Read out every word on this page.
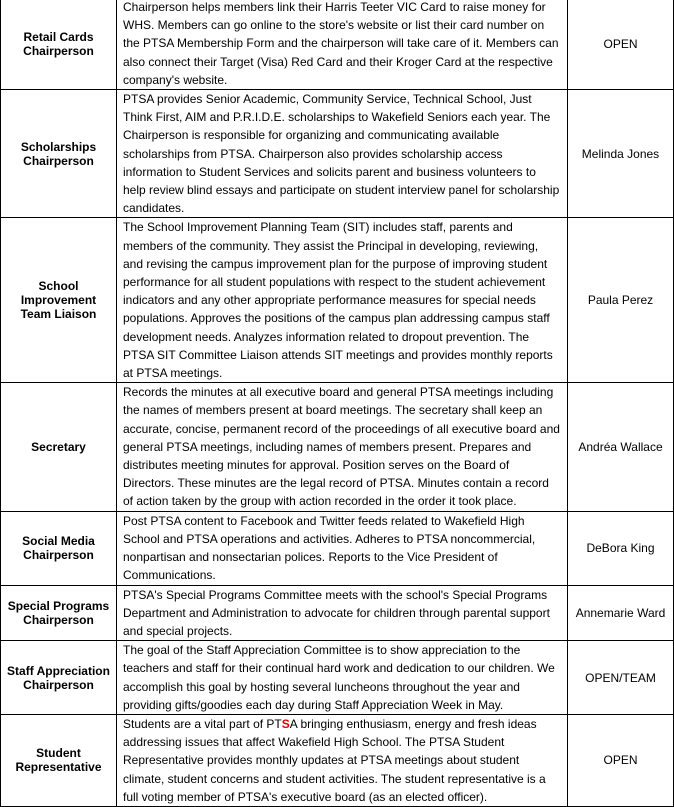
Retail Cards Chairperson	Chairperson helps members link their Harris Teeter VIC Card to raise money for WHS. Members can go online to the store's website or list their card number on the PTSA Membership Form and the chairperson will take care of it. Members can also connect their Target (Visa) Red Card and their Kroger Card at the respective company's website.	OPEN
Scholarships Chairperson	PTSA provides Senior Academic, Community Service, Technical School, Just Think First, AIM and P.R.I.D.E. scholarships to Wakefield Seniors each year. The Chairperson is responsible for organizing and communicating available scholarships from PTSA. Chairperson also provides scholarship access information to Student Services and solicits parent and business volunteers to help review blind essays and participate on student interview panel for scholarship candidates.	Melinda Jones
School Improvement Team Liaison	The School Improvement Planning Team (SIT) includes staff, parents and members of the community. They assist the Principal in developing, reviewing, and revising the campus improvement plan for the purpose of improving student performance for all student populations with respect to the student achievement indicators and any other appropriate performance measures for special needs populations. Approves the positions of the campus plan addressing campus staff development needs. Analyzes information related to dropout prevention. The PTSA SIT Committee Liaison attends SIT meetings and provides monthly reports at PTSA meetings.	Paula Perez
Secretary	Records the minutes at all executive board and general PTSA meetings including the names of members present at board meetings. The secretary shall keep an accurate, concise, permanent record of the proceedings of all executive board and general PTSA meetings, including names of members present. Prepares and distributes meeting minutes for approval. Position serves on the Board of Directors. These minutes are the legal record of PTSA. Minutes contain a record of action taken by the group with action recorded in the order it took place.	Andréa Wallace
Social Media Chairperson	Post PTSA content to Facebook and Twitter feeds related to Wakefield High School and PTSA operations and activities. Adheres to PTSA noncommercial, nonpartisan and nonsectarian polices. Reports to the Vice President of Communications.	DeBora King
Special Programs Chairperson	PTSA's Special Programs Committee meets with the school's Special Programs Department and Administration to advocate for children through parental support and special projects.	Annemarie Ward
Staff Appreciation Chairperson	The goal of the Staff Appreciation Committee is to show appreciation to the teachers and staff for their continual hard work and dedication to our children. We accomplish this goal by hosting several luncheons throughout the year and providing gifts/goodies each day during Staff Appreciation Week in May.	OPEN/TEAM
Student Representative	Students are a vital part of PTSA bringing enthusiasm, energy and fresh ideas addressing issues that affect Wakefield High School. The PTSA Student Representative provides monthly updates at PTSA meetings about student climate, student concerns and student activities. The student representative is a full voting member of PTSA's executive board (as an elected officer).	OPEN
